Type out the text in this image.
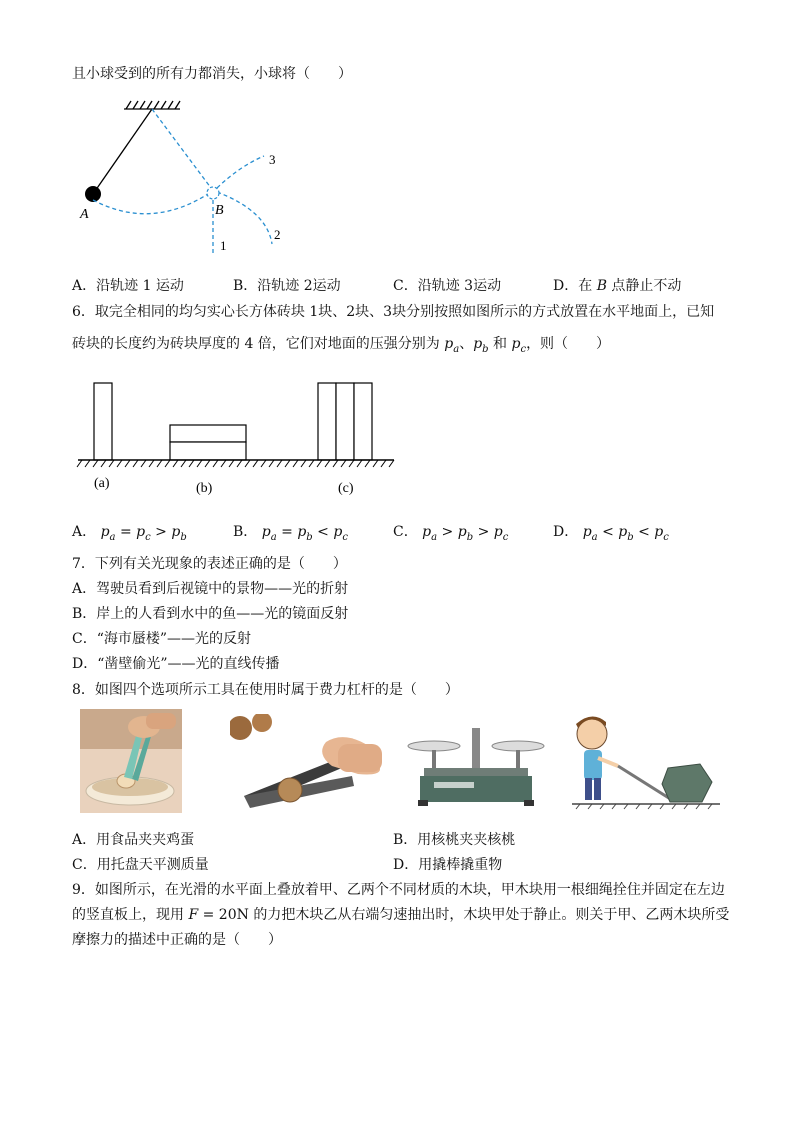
且小球受到的所有力都消失，小球将（　　）
A	B
1
2
3
A．沿轨迹 1 运动	B．沿轨迹 2运动	C．沿轨迹 3运动	D．在 B 点静止不动
6．取完全相同的均匀实心长方体砖块 1块、2块、3块分别按照如图所示的方式放置在水平地面上，已知
砖块的长度约为砖块厚度的 4 倍，它们对地面的压强分别为 $p_a$、$p_b$ 和 $p_c$，则（　　）
(a)	(b)	(c)
A． $p_a = p_c > p_b$	B． $p_a = p_b < p_c$	C． $p_a > p_b > p_c$	D． $p_a < p_b < p_c$
7．下列有关光现象的表述正确的是（　　）
A．驾驶员看到后视镜中的景物——光的折射
B．岸上的人看到水中的鱼——光的镜面反射
C．“海市蜃楼”——光的反射
D．“凿壁偷光”——光的直线传播
8．如图四个选项所示工具在使用时属于费力杠杆的是（　　）
A．用食品夹夹鸡蛋	B．用核桃夹夹核桃
C．用托盘天平测质量	D．用撬棒撬重物
9．如图所示，在光滑的水平面上叠放着甲、乙两个不同材质的木块，甲木块用一根细绳拴住并固定在左边
的竖直板上，现用 F = 20N 的力把木块乙从右端匀速抽出时，木块甲处于静止。则关于甲、乙两木块所受
摩擦力的描述中正确的是（　　）
